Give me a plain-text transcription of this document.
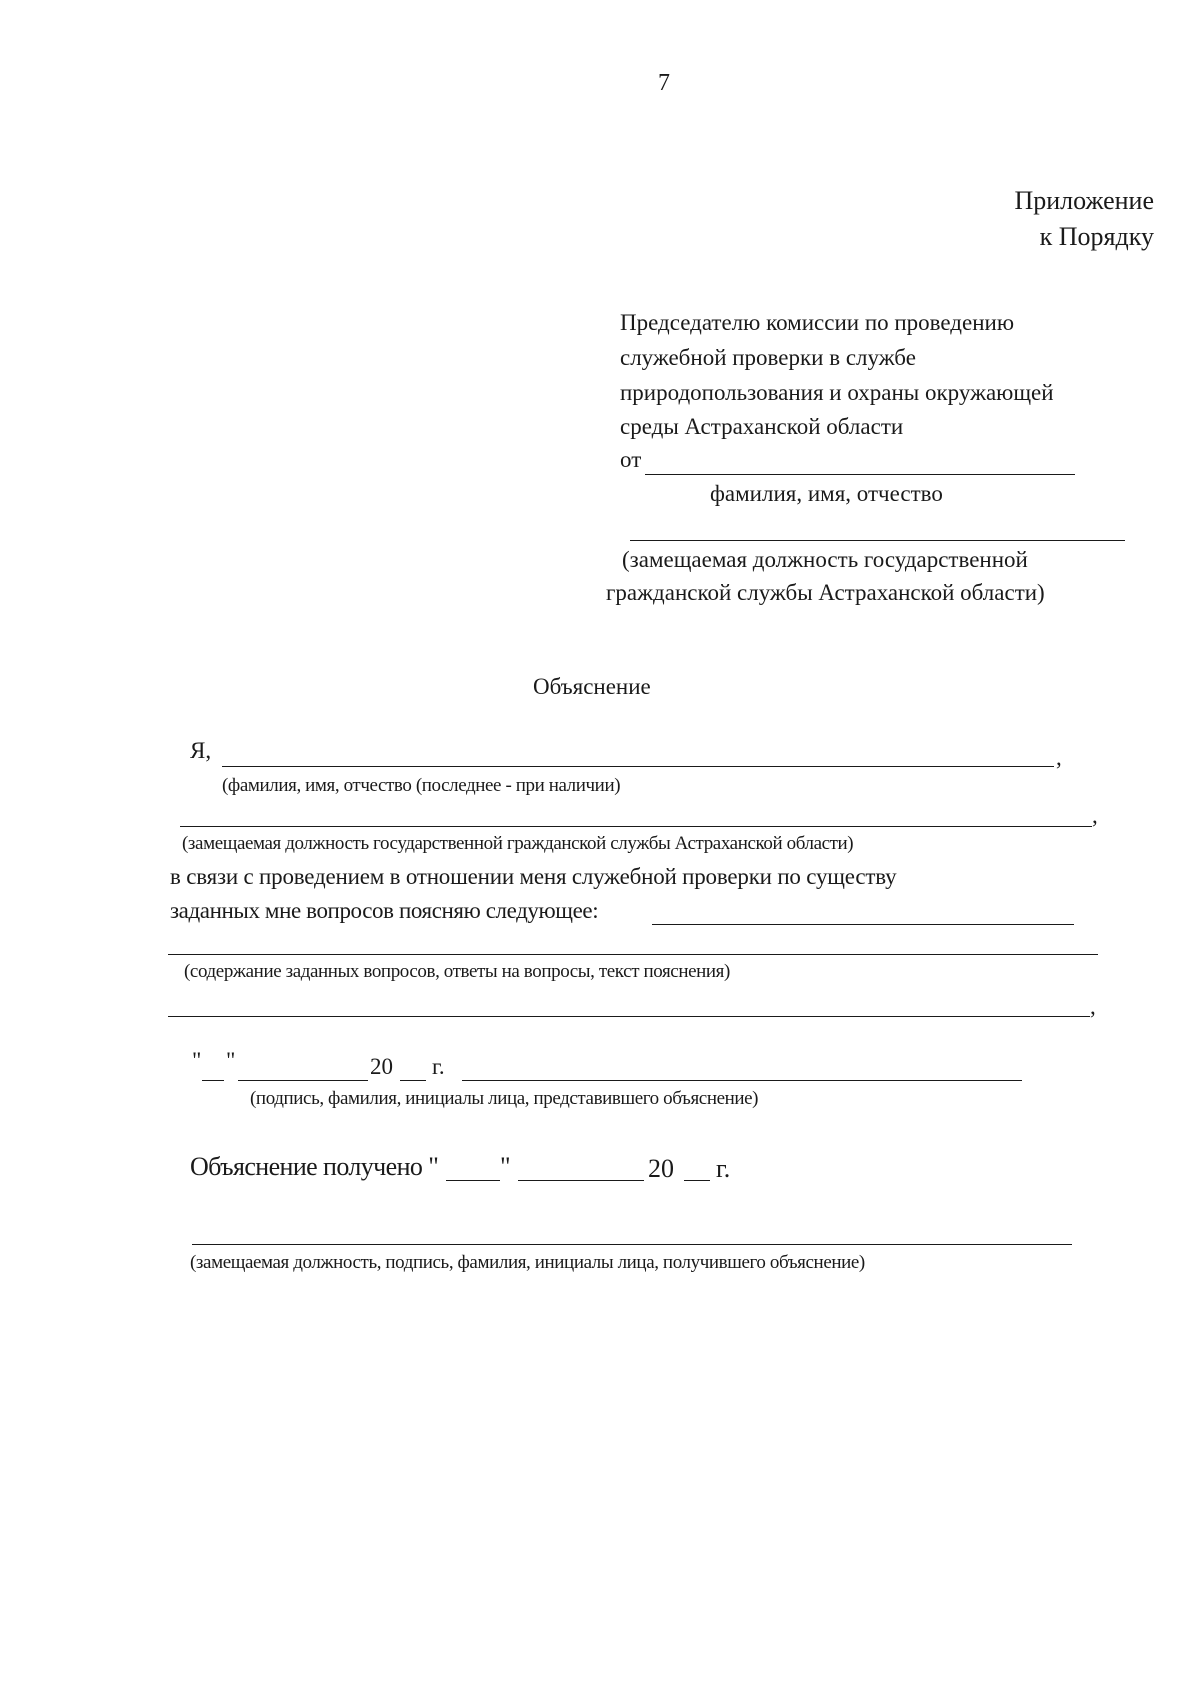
7
Приложение
к Порядку
Председателю комиссии по проведению
служебной проверки в службе
природопользования и охраны окружающей
среды Астраханской области
от
фамилия, имя, отчество
(замещаемая должность государственной
гражданской службы Астраханской области)
Объяснение
Я,	,
(фамилия, имя, отчество (последнее - при наличии)
,
(замещаемая должность государственной гражданской службы Астраханской области)
в связи с проведением в отношении меня служебной проверки по существу
заданных мне вопросов поясняю следующее:
(содержание заданных вопросов, ответы на вопросы, текст пояснения)
,
" "	20 г.
(подпись, фамилия, инициалы лица, представившего объяснение)
Объяснение получено " "	20 г.
(замещаемая должность, подпись, фамилия, инициалы лица, получившего объяснение)
